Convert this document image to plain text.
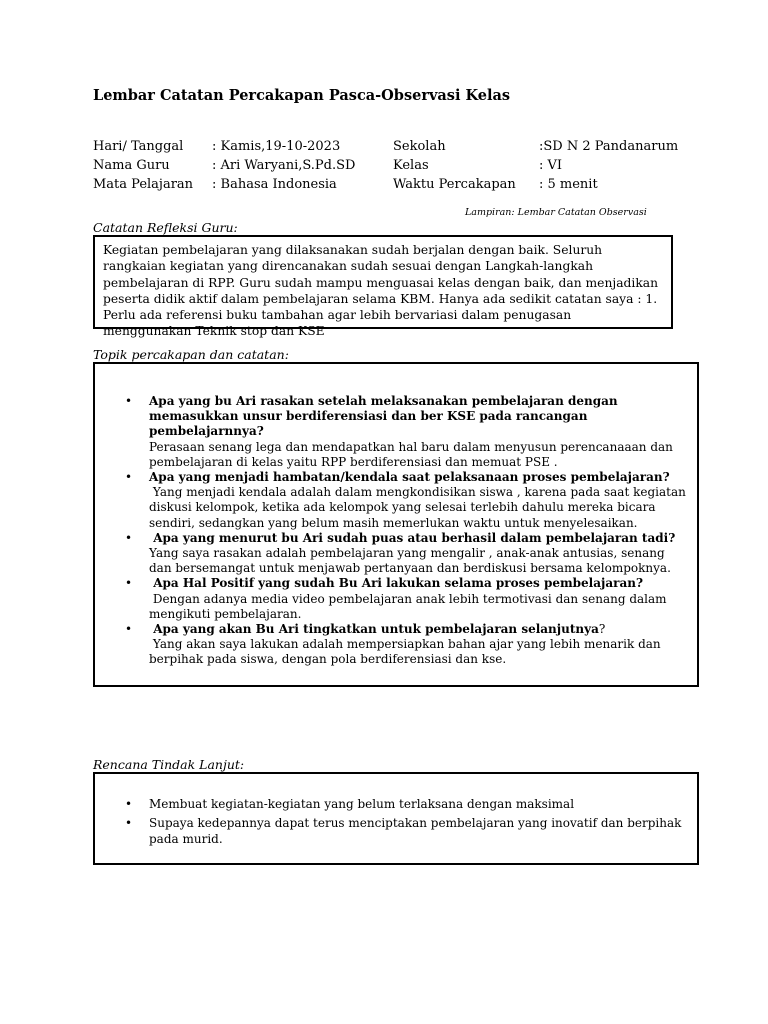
Lembar Catatan Percakapan Pasca-Observasi Kelas
Hari/ Tanggal
Nama Guru
Mata Pelajaran
: Kamis,19-10-2023
: Ari Waryani,S.Pd.SD
: Bahasa Indonesia
Sekolah
Kelas
Waktu Percakapan
:SD N 2 Pandanarum
: VI
: 5 menit
Lampiran: Lembar Catatan Observasi
Catatan Refleksi Guru:
Kegiatan pembelajaran yang dilaksanakan sudah berjalan dengan baik. Seluruh rangkaian kegiatan yang direncanakan sudah sesuai dengan Langkah-langkah pembelajaran di RPP. Guru sudah mampu menguasai kelas dengan baik, dan menjadikan peserta didik aktif dalam pembelajaran selama KBM. Hanya ada sedikit catatan saya : 1. Perlu ada referensi buku tambahan agar lebih bervariasi dalam penugasan menggunakan Teknik stop dan KSE
Topik percakapan dan catatan:
• Apa yang bu Ari rasakan setelah melaksanakan pembelajaran dengan memasukkan unsur berdiferensiasi dan ber KSE pada rancangan pembelajarnnya?
Perasaan senang lega dan mendapatkan hal baru dalam menyusun perencanaaan dan pembelajaran di kelas yaitu RPP berdiferensiasi dan memuat PSE .
• Apa yang menjadi hambatan/kendala saat pelaksanaan proses pembelajaran?
Yang menjadi kendala adalah dalam mengkondisikan siswa , karena pada saat kegiatan diskusi kelompok, ketika ada kelompok yang selesai terlebih dahulu mereka bicara sendiri, sedangkan yang belum masih memerlukan waktu untuk menyelesaikan.
• Apa yang menurut bu Ari sudah puas atau berhasil dalam pembelajaran tadi?
Yang saya rasakan adalah pembelajaran yang mengalir , anak-anak antusias, senang dan bersemangat untuk menjawab pertanyaan dan berdiskusi bersama kelompoknya.
• Apa Hal Positif yang sudah Bu Ari lakukan selama proses pembelajaran?
Dengan adanya media video pembelajaran anak lebih termotivasi dan senang dalam mengikuti pembelajaran.
• Apa yang akan Bu Ari tingkatkan untuk pembelajaran selanjutnya?
Yang akan saya lakukan adalah mempersiapkan bahan ajar yang lebih menarik dan berpihak pada siswa, dengan pola berdiferensiasi dan kse.
Rencana Tindak Lanjut:
• Membuat kegiatan-kegiatan yang belum terlaksana dengan maksimal
• Supaya kedepannya dapat terus menciptakan pembelajaran yang inovatif dan berpihak pada murid.
